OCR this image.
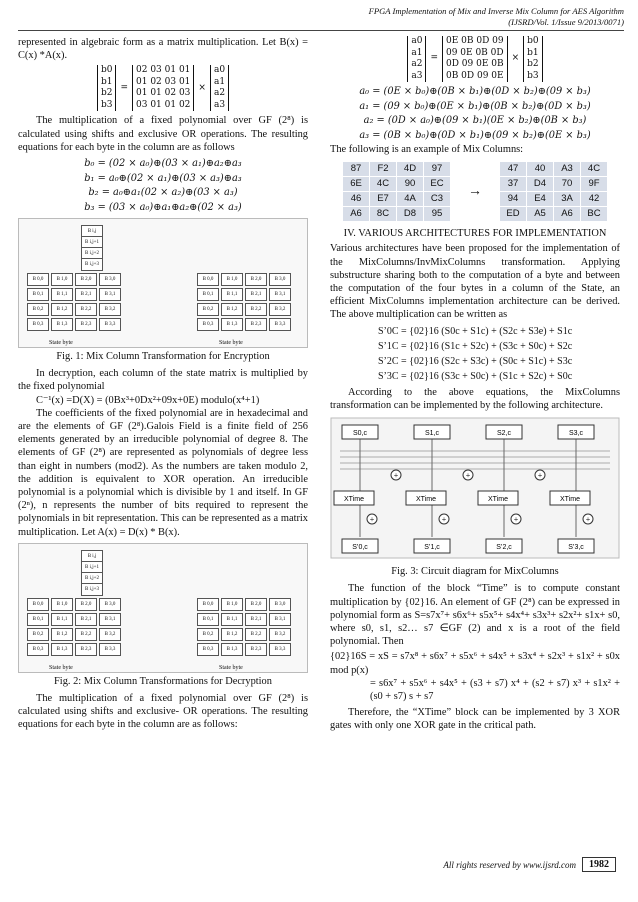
FPGA Implementation of Mix and Inverse Mix Column for AES Algorithm
(IJSRD/Vol. 1/Issue 9/2013/0071)

represented in algebraic form as a matrix multiplication. Let B(x) = C(x) *A(x).

b0
b1
b2
b3
=
02 03 01 01
01 02 03 01
01 01 02 03
03 01 01 02
×
a0
a1
a2
a3

The multiplication of a fixed polynomial over GF (2⁸) is calculated using shifts and exclusive OR operations. The resulting equations for each byte in the column are as follows

b₀ = (02 × a₀)⊕(03 × a₁)⊕a₂⊕a₃
b₁ = a₀⊕(02 × a₁)⊕(03 × a₃)⊕a₃
b₂ = a₀⊕a₁(02 × a₂)⊕(03 × a₃)
b₃ = (03 × a₀)⊕a₁⊕a₂⊕(02 × a₃)
B 0,0	B 0,0
B 1,0	B 1,0
B 2,0	B 2,0
B 3,0	B 3,0
B 0,1	B 0,1
B 1,1	B 1,1
B 2,1	B 2,1
B 3,1	B 3,1
B 0,2	B 0,2
B 1,2	B 1,2
B 2,2	B 2,2
B 3,2	B 3,2
B 0,3	B 0,3
B 1,3	B 1,3
B 2,3	B 2,3
B 3,3	B 3,3
B i,j
B i,j+1
B i,j+2
B i,j+3
State byte	State byte
Fig. 1: Mix Column Transformation for Encryption

In decryption, each column of the state matrix is multiplied by the fixed polynomial

C⁻¹(x) =D(X) = (0Bx³+0Dx²+09x+0E) modulo(x⁴+1)

The coefficients of the fixed polynomial are in hexadecimal and are the elements of GF (2⁸).Galois Field is a finite field of 256 elements generated by an irreducible polynomial of degree 8. The elements of GF (2⁸) are represented as polynomials of degree less than eight in numbers (mod2). As the numbers are taken modulo 2, the addition is equivalent to XOR operation. An irreducible polynomial is a polynomial which is divisible by 1 and itself. In GF (2ⁿ), n represents the number of bits required to represent the polynomials in bit representation. This can be represented as a matrix multiplication. Let A(x) = D(x) * B(x).

B 0,0	B 0,0
B 1,0	B 1,0
B 2,0	B 2,0
B 3,0	B 3,0
B 0,1	B 0,1
B 1,1	B 1,1
B 2,1	B 2,1
B 3,1	B 3,1
B 0,2	B 0,2
B 1,2	B 1,2
B 2,2	B 2,2
B 3,2	B 3,2
B 0,3	B 0,3
B 1,3	B 1,3
B 2,3	B 2,3
B 3,3	B 3,3
B i,j
B i,j+1
B i,j+2
B i,j+3
State byte	State byte
Fig. 2: Mix Column Transformations for Decryption

The multiplication of a fixed polynomial over GF (2⁸) is calculated using shifts and exclusive- OR operations. The resulting equations for each byte in the column are as follows:

a0
a1
a2
a3
=
0E 0B 0D 09
09 0E 0B 0D
0D 09 0E 0B
0B 0D 09 0E
×
b0
b1
b2
b3
a₀ = (0E × b₀)⊕(0B × b₁)⊕(0D × b₂)⊕(09 × b₃)
a₁ = (09 × b₀)⊕(0E × b₁)⊕(0B × b₂)⊕(0D × b₃)
a₂ = (0D × a₀)⊕(09 × b₁)(0E × b₂)⊕(0B × b₃)
a₃ = (0B × b₀)⊕(0D × b₁)⊕(09 × b₂)⊕(0E × b₃)

The following is an example of Mix Columns:

87	F2	4D	97
6E	4C	90	EC
46	E7	4A	C3
A6	8C	D8	95
→
47	40	A3	4C
37	D4	70	9F
94	E4	3A	42
ED	A5	A6	BC
IV. VARIOUS ARCHITECTURES FOR IMPLEMENTATION

Various architectures have been proposed for the implementation of the MixColumns/InvMixColumns transformation. Applying substructure sharing both to the computation of a byte and between the computation of the four bytes in a column of the State, an efficient MixColumns implementation architecture can be derived. The above multiplication can be written as

S’0C = {02}16 (S0c + S1c) + (S2c + S3e) + S1c
S’1C = {02}16 (S1c + S2c) + (S3c + S0c) + S2c
S’2C = {02}16 (S2c + S3c) + (S0c + S1c) + S3c
S’3C = {02}16 (S3c + S0c) + (S1c + S2c) + S0c

According to the above equations, the MixColumns transformation can be implemented by the following architecture.

S0,c	S1,c	S2,c	S3,c
+	+	+
XTime	XTime	XTime	XTime
+	+	+	+
S’0,c	S’1,c	S’2,c	S’3,c
Fig. 3: Circuit diagram for MixColumns

The function of the block “Time” is to compute constant multiplication by {02}16. An element of GF (2⁸) can be expressed in polynomial form as S=s7x⁷+ s6x⁶+ s5x⁵+ s4x⁴+ s3x³+ s2x²+ s1x+ s0, where s0, s1, s2… s7 ∈GF (2) and x is a root of the field polynomial. Then

{02}16S = xS = s7x⁸ + s6x⁷ + s5x⁶ + s4x⁵ + s3x⁴ + s2x³ + s1x² + s0x mod p(x)

= s6x⁷ + s5x⁶ + s4x⁵ + (s3 + s7) x⁴ + (s2 + s7) x³ + s1x² + (s0 + s7) s + s7

Therefore, the “XTime” block can be implemented by 3 XOR gates with only one XOR gate in the critical path.

All rights reserved by www.ijsrd.com	1982
